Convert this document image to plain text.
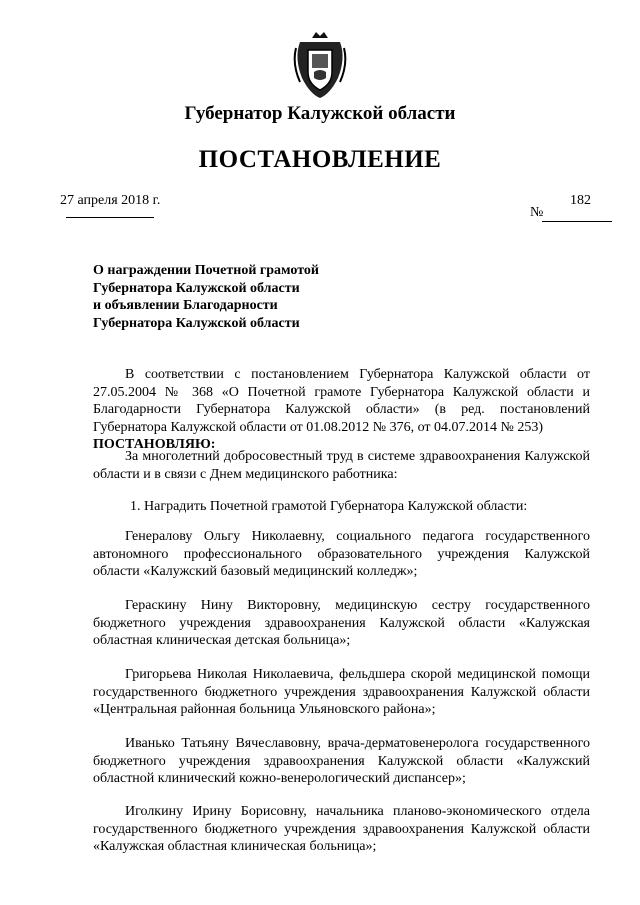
Губернатор Калужской области
ПОСТАНОВЛЕНИЕ
27 апреля 2018 г.	182
№
О награждении Почетной грамотой
Губернатора Калужской области
и объявлении Благодарности
Губернатора Калужской области
В соответствии с постановлением Губернатора Калужской области от 27.05.2004 № 368 «О Почетной грамоте Губернатора Калужской области и Благодарности Губернатора Калужской области» (в ред. постановлений Губернатора Калужской области от 01.08.2012 № 376, от 04.07.2014 № 253)
ПОСТАНОВЛЯЮ:
За многолетний добросовестный труд в системе здравоохранения Калужской области и в связи с Днем медицинского работника:
1. Наградить Почетной грамотой Губернатора Калужской области:
Генералову Ольгу Николаевну, социального педагога государственного автономного профессионального образовательного учреждения Калужской области «Калужский базовый медицинский колледж»;
Гераскину Нину Викторовну, медицинскую сестру государственного бюджетного учреждения здравоохранения Калужской области «Калужская областная клиническая детская больница»;
Григорьева Николая Николаевича, фельдшера скорой медицинской помощи государственного бюджетного учреждения здравоохранения Калужской области «Центральная районная больница Ульяновского района»;
Иванько Татьяну Вячеславовну, врача-дерматовенеролога государственного бюджетного учреждения здравоохранения Калужской области «Калужский областной клинический кожно-венерологический диспансер»;
Иголкину Ирину Борисовну, начальника планово-экономического отдела государственного бюджетного учреждения здравоохранения Калужской области «Калужская областная клиническая больница»;
